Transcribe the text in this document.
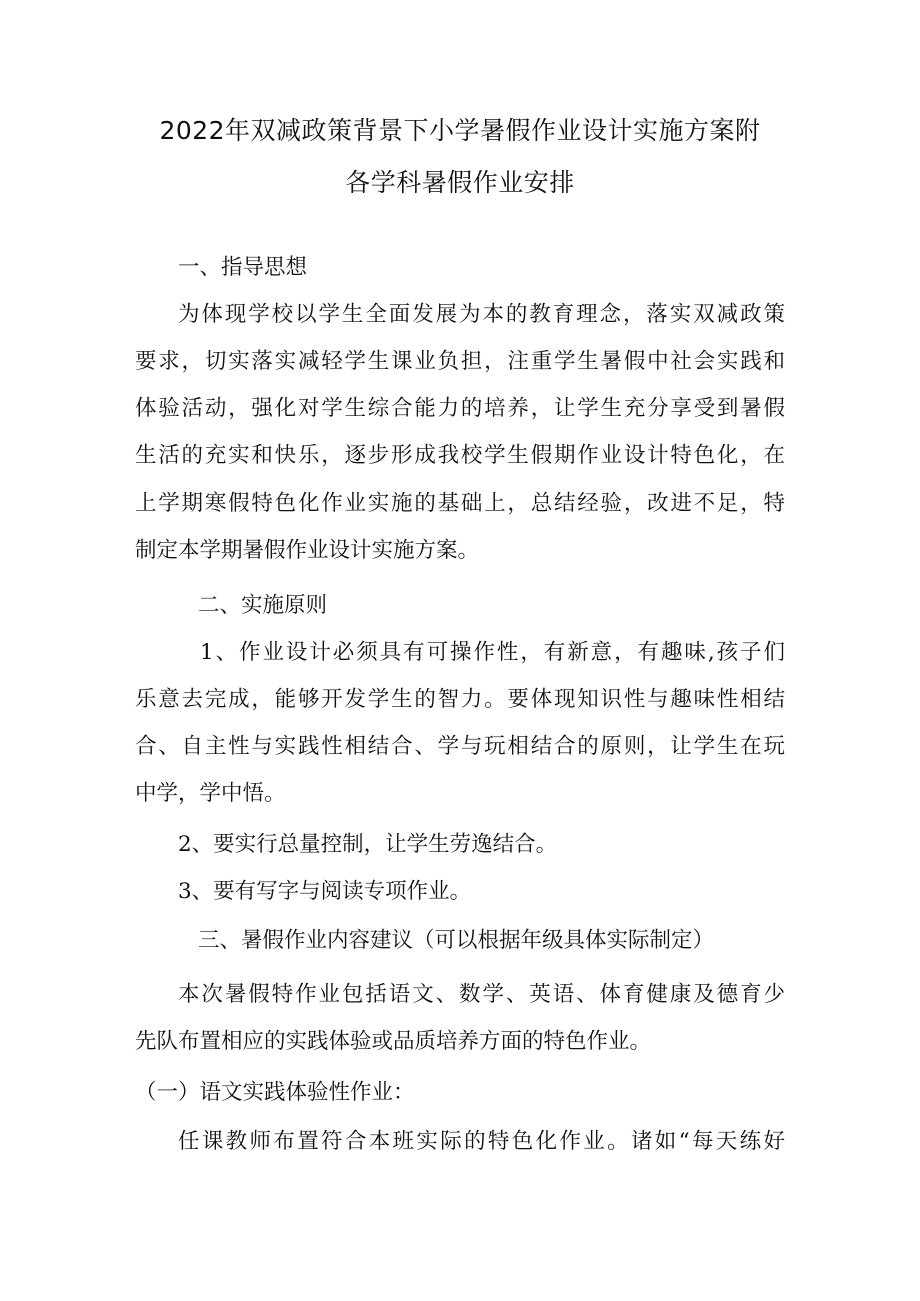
2022年双减政策背景下小学暑假作业设计实施方案附
各学科暑假作业安排
一、指导思想
为体现学校以学生全面发展为本的教育理念，落实双减政策
要求，切实落实减轻学生课业负担，注重学生暑假中社会实践和
体验活动，强化对学生综合能力的培养，让学生充分享受到暑假
生活的充实和快乐，逐步形成我校学生假期作业设计特色化，在
上学期寒假特色化作业实施的基础上，总结经验，改进不足，特
制定本学期暑假作业设计实施方案。
二、实施原则
1、作业设计必须具有可操作性，有新意，有趣味,孩子们
乐意去完成，能够开发学生的智力。要体现知识性与趣味性相结
合、自主性与实践性相结合、学与玩相结合的原则，让学生在玩
中学，学中悟。
2、要实行总量控制，让学生劳逸结合。
3、要有写字与阅读专项作业。
三、暑假作业内容建议（可以根据年级具体实际制定）
本次暑假特作业包括语文、数学、英语、体育健康及德育少
先队布置相应的实践体验或品质培养方面的特色作业。
（一）语文实践体验性作业：
任课教师布置符合本班实际的特色化作业。诸如“每天练好
